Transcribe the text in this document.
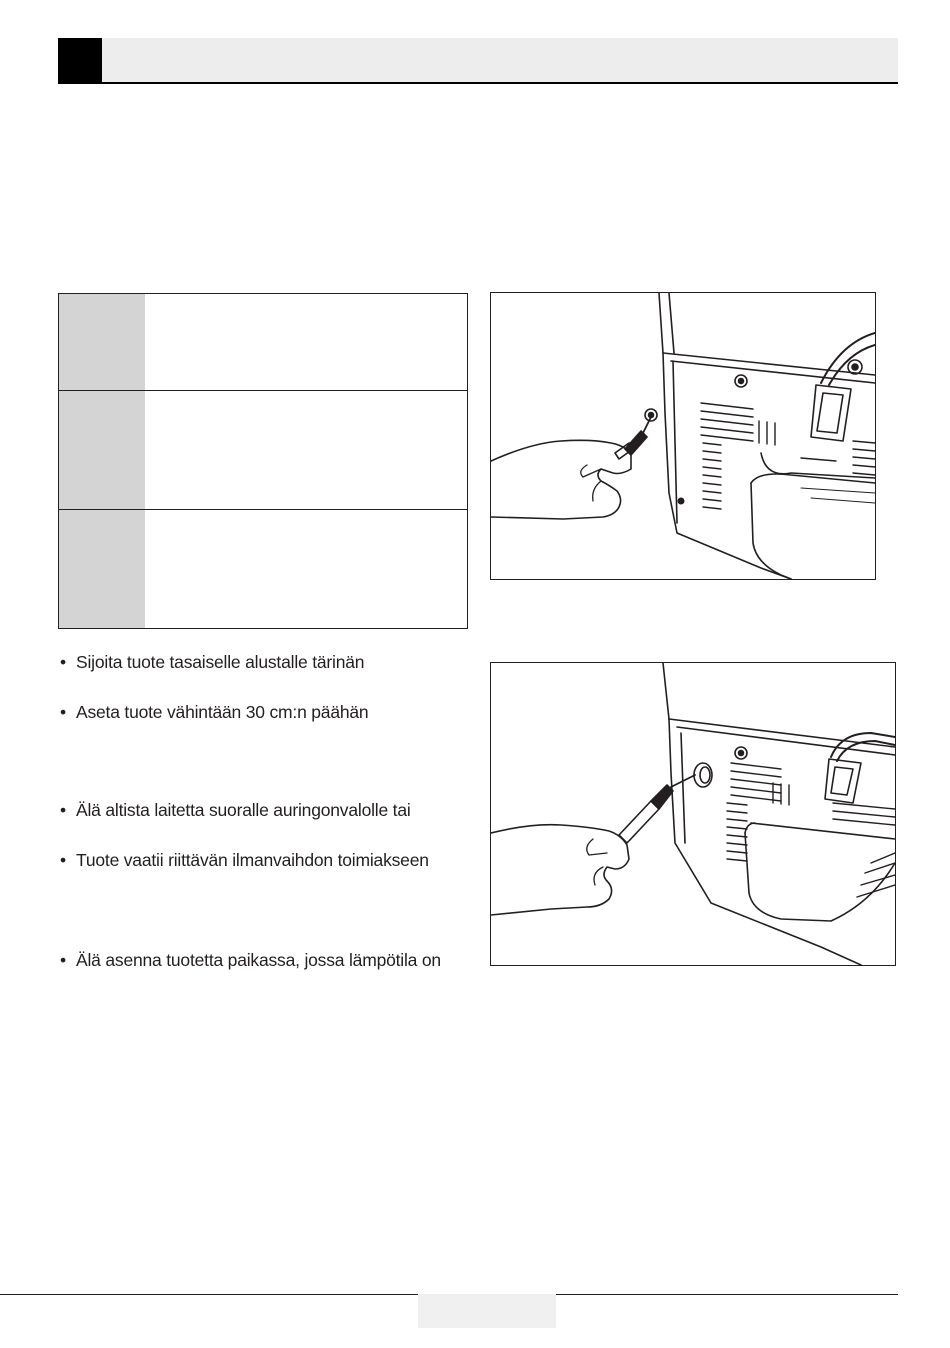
• Sijoita tuote tasaiselle alustalle tärinän
• Aseta tuote vähintään 30 cm:n päähän
• Älä altista laitetta suoralle auringonvalolle tai
• Tuote vaatii riittävän ilmanvaihdon toimiakseen
• Älä asenna tuotetta paikassa, jossa lämpötila on
